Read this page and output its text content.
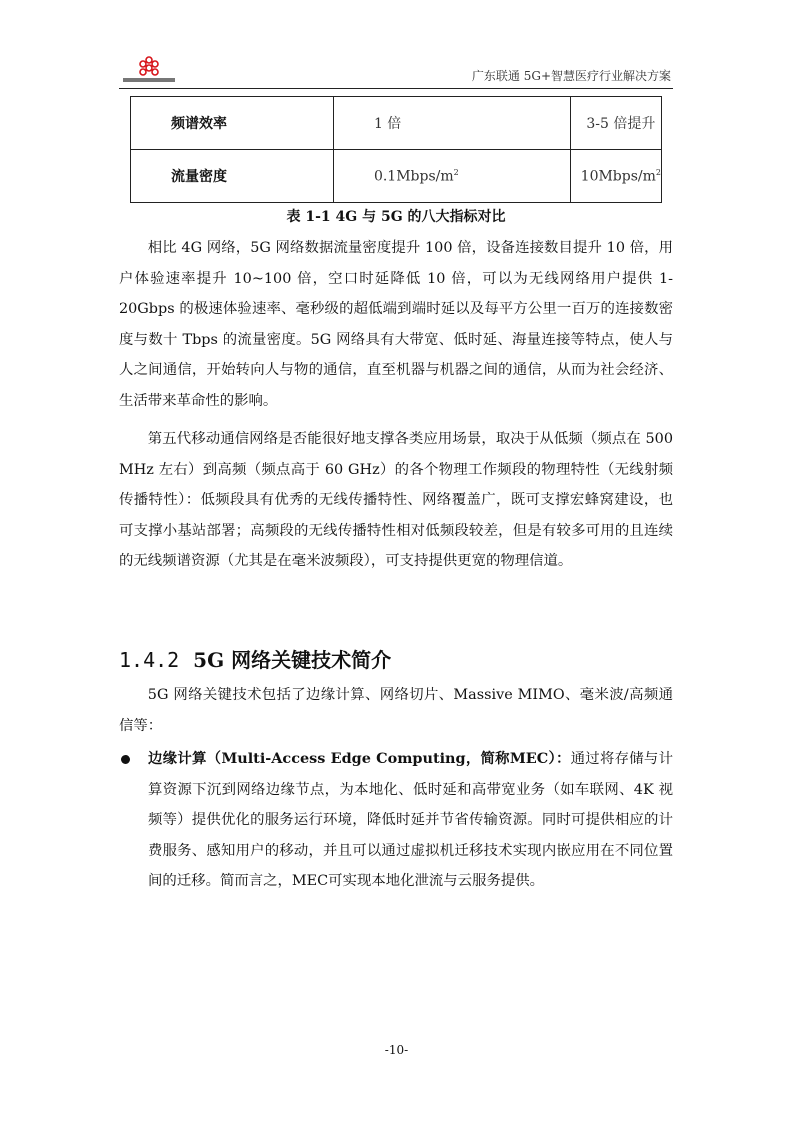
广东联通 5G+智慧医疗行业解决方案
频谱效率	1 倍	3-5 倍提升
流量密度	$0.1Mbps/m^2$	$10Mbps/m^2$
表 1-1 4G 与 5G 的八大指标对比

相比 4G 网络，5G 网络数据流量密度提升 100 倍，设备连接数目提升 10 倍，用户体验速率提升 10~100 倍，空口时延降低 10 倍，可以为无线网络用户提供 1-20Gbps 的极速体验速率、毫秒级的超低端到端时延以及每平方公里一百万的连接数密度与数十 Tbps 的流量密度。5G 网络具有大带宽、低时延、海量连接等特点，使人与人之间通信，开始转向人与物的通信，直至机器与机器之间的通信，从而为社会经济、生活带来革命性的影响。

第五代移动通信网络是否能很好地支撑各类应用场景，取决于从低频（频点在 500 MHz 左右）到高频（频点高于 60 GHz）的各个物理工作频段的物理特性（无线射频传播特性）：低频段具有优秀的无线传播特性、网络覆盖广，既可支撑宏蜂窝建设，也可支撑小基站部署；高频段的无线传播特性相对低频段较差，但是有较多可用的且连续的无线频谱资源（尤其是在毫米波频段），可支持提供更宽的物理信道。

1.4.2 5G 网络关键技术简介

5G 网络关键技术包括了边缘计算、网络切片、Massive MIMO、毫米波/高频通信等：

边缘计算（Multi-Access Edge Computing，简称MEC）：通过将存储与计算资源下沉到网络边缘节点，为本地化、低时延和高带宽业务（如车联网、4K 视频等）提供优化的服务运行环境，降低时延并节省传输资源。同时可提供相应的计费服务、感知用户的移动，并且可以通过虚拟机迁移技术实现内嵌应用在不同位置间的迁移。简而言之，MEC可实现本地化泄流与云服务提供。
-10-
